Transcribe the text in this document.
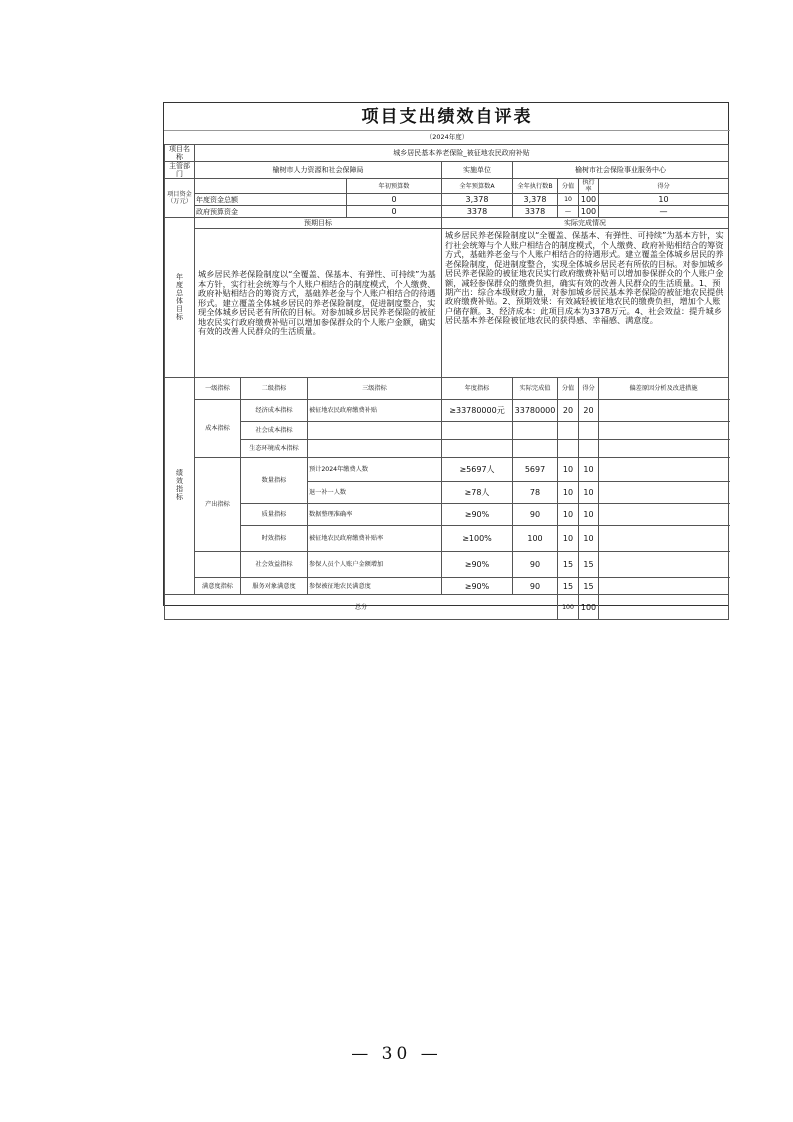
项目支出绩效自评表
（2024年度）
项目名称	城乡居民基本养老保险_被征地农民政府补贴								
主管部门	榆树市人力资源和社会保障局				实施单位	榆树市社会保险事业服务中心			
项目资金（万元）				年初预算数	全年预算数A	全年执行数B	分值	执行率	得分
	年度资金总额			0	3,378	3,378	10	100	10
	政府预算资金			0	3378	3378	—	100	—
年度总体目标	预期目标				实际完成情况				
	城乡居民养老保险制度以“全覆盖、保基本、有弹性、可持续”为基本方针，实行社会统筹与个人账户相结合的制度模式，个人缴费、政府补贴相结合的筹资方式，基础养老金与个人账户相结合的待遇形式。建立覆盖全体城乡居民的养老保险制度，促进制度整合，实现全体城乡居民老有所依的目标。对参加城乡居民养老保险的被征地农民实行政府缴费补贴可以增加参保群众的个人账户金额，确实有效的改善人民群众的生活质量。				城乡居民养老保险制度以“全覆盖、保基本、有弹性、可持续”为基本方针，实行社会统筹与个人账户相结合的制度模式，个人缴费、政府补贴相结合的筹资方式，基础养老金与个人账户相结合的待遇形式。建立覆盖全体城乡居民的养老保险制度，促进制度整合，实现全体城乡居民老有所依的目标。对参加城乡居民养老保险的被征地农民实行政府缴费补贴可以增加参保群众的个人账户金额，减轻参保群众的缴费负担，确实有效的改善人民群众的生活质量。1、预期产出：综合本级财政力量，对参加城乡居民基本养老保险的被征地农民提供政府缴费补贴。2、预期效果：有效减轻被征地农民的缴费负担，增加个人账户储存额。3、经济成本：此项目成本为3378万元。4、社会效益：提升城乡居民基本养老保险被征地农民的获得感、幸福感、满意度。				

绩效指标	一级指标	二级指标	三级指标		年度指标	实际完成值	分值	得分	偏差原因分析及改进措施
	成本指标	经济成本指标	被征地农民政府缴费补贴		≥33780000元	33780000	20	20	
		社会成本指标							
		生态环境成本指标							
	产出指标	数量指标	预计2024年缴费人数		≥5697人	5697	10	10	
			退一补一人数		≥78人	78	10	10	
		质量指标	数据整理准确率		≥90%	90	10	10	
		时效指标	被征地农民政府缴费补贴率		≥100%	100	10	10	
		社会效益指标	参保人员个人账户金额增加		≥90%	90	15	15	
	满意度指标	服务对象满意度	参保被征地农民满意度		≥90%	90	15	15	
总分							100	100	
— 30 —
